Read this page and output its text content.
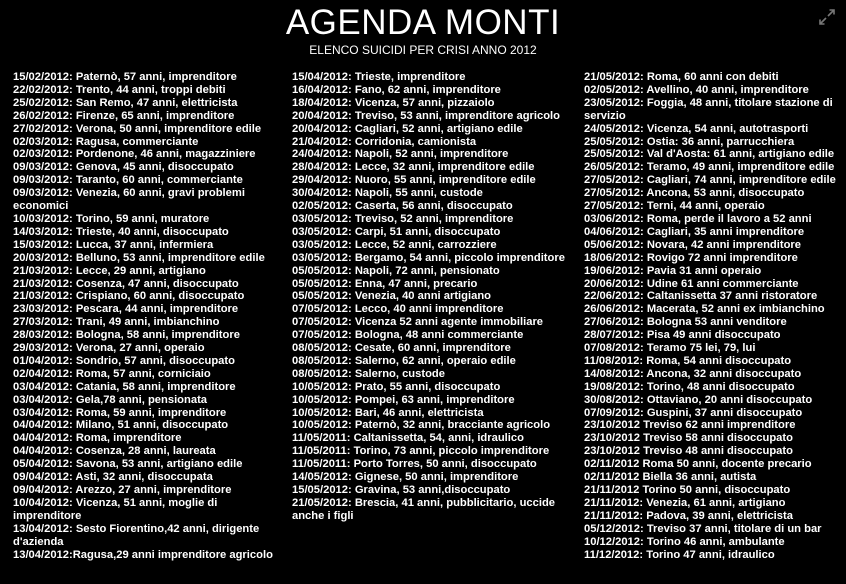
AGENDA MONTI
ELENCO SUICIDI PER CRISI ANNO 2012
15/02/2012: Paternò, 57 anni, imprenditore
22/02/2012: Trento, 44 anni, troppi debiti
25/02/2012: San Remo, 47 anni, elettricista
26/02/2012: Firenze, 65 anni, imprenditore
27/02/2012: Verona, 50 anni, imprenditore edile
02/03/2012: Ragusa, commerciante
02/03/2012: Pordenone, 46 anni, magazziniere
09/03/2012: Genova, 45 anni, disoccupato
09/03/2012: Taranto, 60 anni, commerciante
09/03/2012: Venezia, 60 anni, gravi problemi economici
10/03/2012: Torino, 59 anni, muratore
14/03/2012: Trieste, 40 anni, disoccupato
15/03/2012: Lucca, 37 anni, infermiera
20/03/2012: Belluno, 53 anni, imprenditore edile
21/03/2012: Lecce, 29 anni, artigiano
21/03/2012: Cosenza, 47 anni, disoccupato
21/03/2012: Crispiano, 60 anni, disoccupato
23/03/2012: Pescara, 44 anni, imprenditore
27/03/2012: Trani, 49 anni, imbianchino
28/03/2012: Bologna, 58 anni, imprenditore
29/03/2012: Verona, 27 anni, operaio
01/04/2012: Sondrio, 57 anni, disoccupato
02/04/2012: Roma, 57 anni, corniciaio
03/04/2012: Catania, 58 anni, imprenditore
03/04/2012: Gela,78 anni, pensionata
03/04/2012: Roma, 59 anni, imprenditore
04/04/2012: Milano, 51 anni, disoccupato
04/04/2012: Roma, imprenditore
04/04/2012: Cosenza, 28 anni, laureata
05/04/2012: Savona, 53 anni, artigiano edile
09/04/2012: Asti, 32 anni, disoccupata
09/04/2012: Arezzo, 27 anni, imprenditore
10/04/2012: Vicenza, 51 anni, moglie di imprenditore
13/04/2012: Sesto Fiorentino,42 anni, dirigente d'azienda
13/04/2012:Ragusa,29 anni imprenditore agricolo
15/04/2012: Trieste, imprenditore
16/04/2012: Fano, 62 anni, imprenditore
18/04/2012: Vicenza, 57 anni, pizzaiolo
20/04/2012: Treviso, 53 anni, imprenditore agricolo
20/04/2012: Cagliari, 52 anni, artigiano edile
21/04/2012: Corridonia, camionista
24/04/2012: Napoli, 52 anni, imprenditore
28/04/2012: Lecce, 32 anni, imprenditore edile
29/04/2012: Nuoro, 55 anni, imprenditore edile
30/04/2012: Napoli, 55 anni, custode
02/05/2012: Caserta, 56 anni, disoccupato
03/05/2012: Treviso, 52 anni, imprenditore
03/05/2012: Carpi, 51 anni, disoccupato
03/05/2012: Lecce, 52 anni, carrozziere
03/05/2012: Bergamo, 54 anni, piccolo imprenditore
05/05/2012: Napoli, 72 anni, pensionato
05/05/2012: Enna, 47 anni, precario
05/05/2012: Venezia, 40 anni artigiano
07/05/2012: Lecco, 40 anni imprenditore
07/05/2012: Vicenza 52 anni agente immobiliare
07/05/2012: Bologna, 48 anni commerciante
08/05/2012: Cesate, 60 anni, imprenditore
08/05/2012: Salerno, 62 anni, operaio edile
08/05/2012: Salerno, custode
10/05/2012: Prato, 55 anni, disoccupato
10/05/2012: Pompei, 63 anni, imprenditore
10/05/2012: Bari, 46 anni, elettricista
10/05/2012: Paternò, 32 anni, bracciante agricolo
11/05/2011: Caltanissetta, 54, anni, idraulico
11/05/2011: Torino, 73 anni, piccolo imprenditore
11/05/2011: Porto Torres, 50 anni, disoccupato
14/05/2012: Gignese, 50 anni, imprenditore
15/05/2012: Gravina, 53 anni,disoccupato
21/05/2012: Brescia, 41 anni, pubblicitario, uccide anche i figli
21/05/2012: Roma, 60 anni con debiti
02/05/2012: Avellino, 40 anni, imprenditore
23/05/2012: Foggia, 48 anni, titolare stazione di servizio
24/05/2012: Vicenza, 54 anni, autotrasporti
25/05/2012: Ostia: 36 anni, parrucchiera
25/05/2012: Val d'Aosta: 61 anni, artigiano edile
26/05/2012: Teramo, 49 anni, imprenditore edile
27/05/2012: Cagliari, 74 anni, imprenditore edile
27/05/2012: Ancona, 53 anni, disoccupato
27/05/2012: Terni, 44 anni, operaio
03/06/2012: Roma, perde il lavoro a 52 anni
04/06/2012: Cagliari, 35 anni imprenditore
05/06/2012: Novara, 42 anni imprenditore
18/06/2012: Rovigo 72 anni imprenditore
19/06/2012: Pavia 31 anni operaio
20/06/2012: Udine 61 anni commerciante
22/06/2012: Caltanissetta 37 anni ristoratore
26/06/2012: Macerata, 52 anni ex imbianchino
27/06/2012: Bologna 53 anni venditore
28/07/2012: Pisa 49 anni disoccupato
07/08/2012: Teramo 75 lei, 79, lui
11/08/2012: Roma, 54 anni disoccupato
14/08/2012: Ancona, 32 anni disoccupato
19/08/2012: Torino, 48 anni disoccupato
30/08/2012: Ottaviano, 20 anni disoccupato
07/09/2012: Guspini, 37 anni disoccupato
23/10/2012 Treviso 62 anni imprenditore
23/10/2012 Treviso 58 anni disoccupato
23/10/2012 Treviso 48 anni disoccupato
02/11/2012 Roma 50 anni, docente precario
02/11/2012 Biella 36 anni, autista
21/11/2012 Torino 50 anni, disoccupato
21/11/2012: Venezia, 61 anni, artigiano
21/11/2012: Padova, 39 anni, elettricista
05/12/2012: Treviso 37 anni, titolare di un bar
10/12/2012: Torino 46 anni, ambulante
11/12/2012: Torino 47 anni, idraulico
